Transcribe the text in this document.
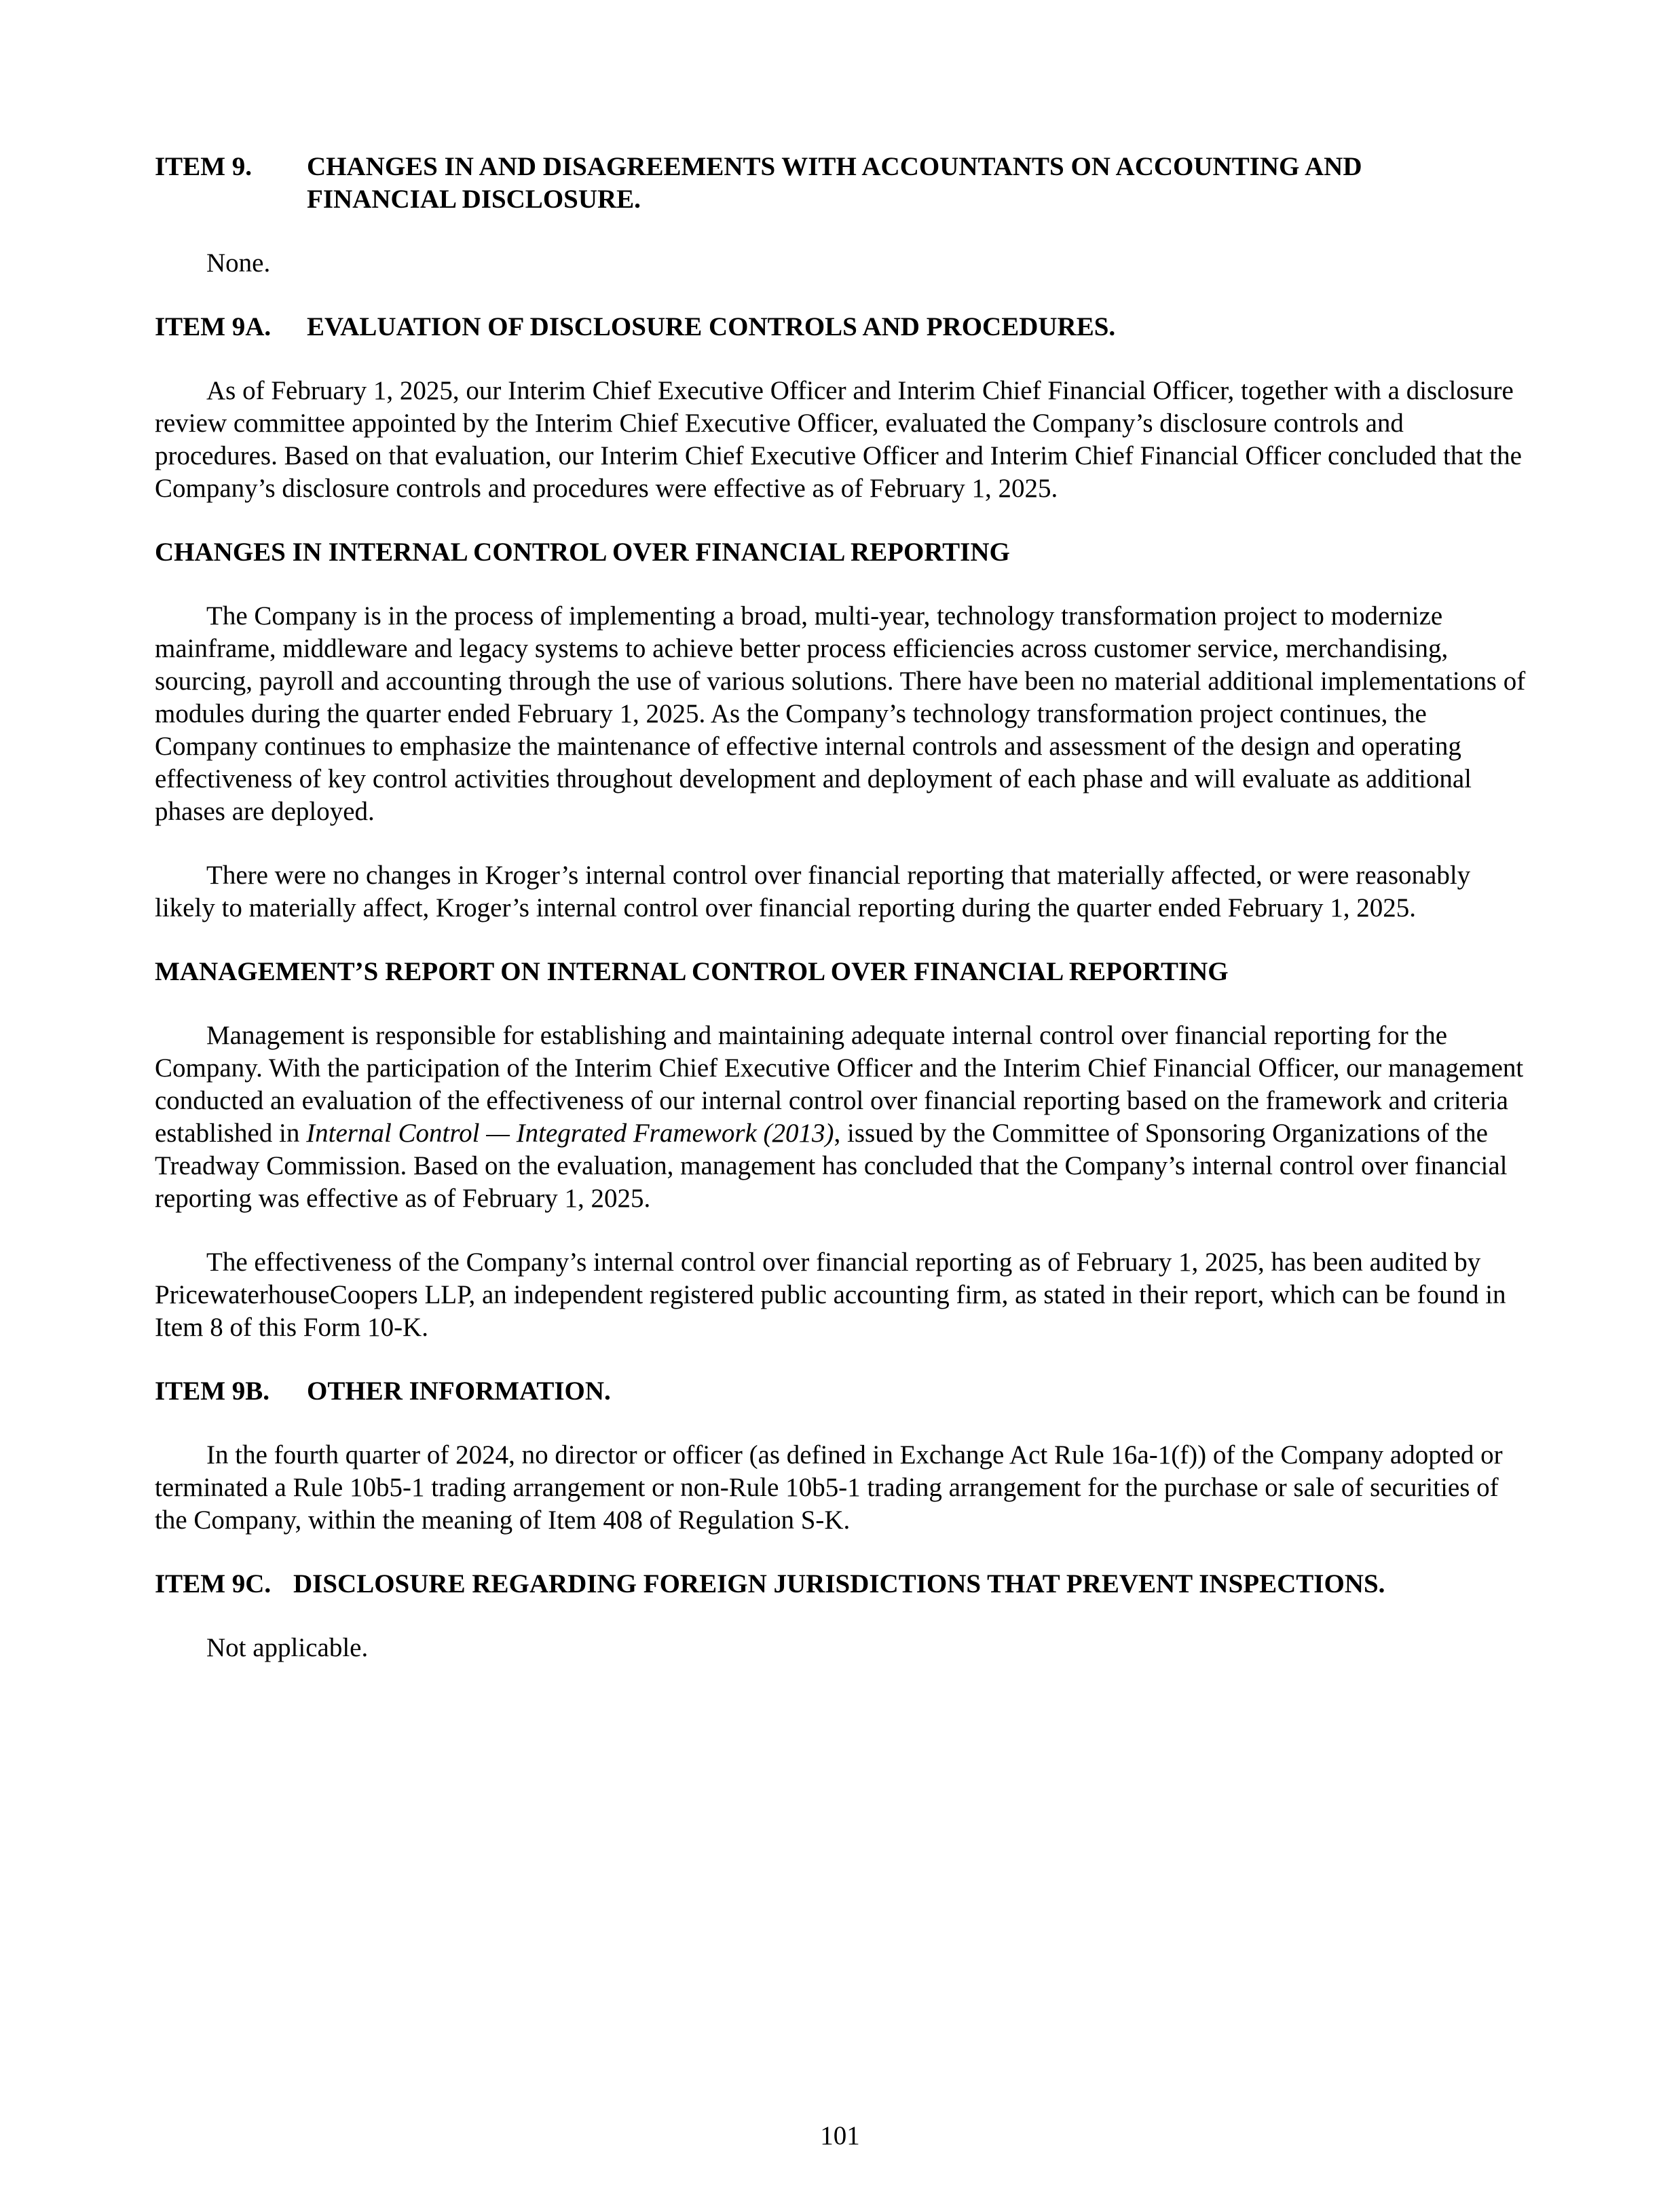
ITEM 9.	CHANGES IN AND DISAGREEMENTS WITH ACCOUNTANTS ON ACCOUNTING AND
FINANCIAL DISCLOSURE.

None.

ITEM 9A.	EVALUATION OF DISCLOSURE CONTROLS AND PROCEDURES.

As of February 1, 2025, our Interim Chief Executive Officer and Interim Chief Financial Officer, together with a disclosure review committee appointed by the Interim Chief Executive Officer, evaluated the Company’s disclosure controls and procedures. Based on that evaluation, our Interim Chief Executive Officer and Interim Chief Financial Officer concluded that the Company’s disclosure controls and procedures were effective as of February 1, 2025.

CHANGES IN INTERNAL CONTROL OVER FINANCIAL REPORTING

The Company is in the process of implementing a broad, multi-year, technology transformation project to modernize mainframe, middleware and legacy systems to achieve better process efficiencies across customer service, merchandising, sourcing, payroll and accounting through the use of various solutions. There have been no material additional implementations of modules during the quarter ended February 1, 2025. As the Company’s technology transformation project continues, the Company continues to emphasize the maintenance of effective internal controls and assessment of the design and operating effectiveness of key control activities throughout development and deployment of each phase and will evaluate as additional phases are deployed.

There were no changes in Kroger’s internal control over financial reporting that materially affected, or were reasonably likely to materially affect, Kroger’s internal control over financial reporting during the quarter ended February 1, 2025.

MANAGEMENT’S REPORT ON INTERNAL CONTROL OVER FINANCIAL REPORTING

Management is responsible for establishing and maintaining adequate internal control over financial reporting for the Company. With the participation of the Interim Chief Executive Officer and the Interim Chief Financial Officer, our management conducted an evaluation of the effectiveness of our internal control over financial reporting based on the framework and criteria established in Internal Control — Integrated Framework (2013), issued by the Committee of Sponsoring Organizations of the Treadway Commission. Based on the evaluation, management has concluded that the Company’s internal control over financial reporting was effective as of February 1, 2025.

The effectiveness of the Company’s internal control over financial reporting as of February 1, 2025, has been audited by PricewaterhouseCoopers LLP, an independent registered public accounting firm, as stated in their report, which can be found in Item 8 of this Form 10-K.

ITEM 9B.	OTHER INFORMATION.

In the fourth quarter of 2024, no director or officer (as defined in Exchange Act Rule 16a-1(f)) of the Company adopted or terminated a Rule 10b5-1 trading arrangement or non-Rule 10b5-1 trading arrangement for the purchase or sale of securities of the Company, within the meaning of Item 408 of Regulation S-K.

ITEM 9C. DISCLOSURE REGARDING FOREIGN JURISDICTIONS THAT PREVENT INSPECTIONS.

Not applicable.

101
